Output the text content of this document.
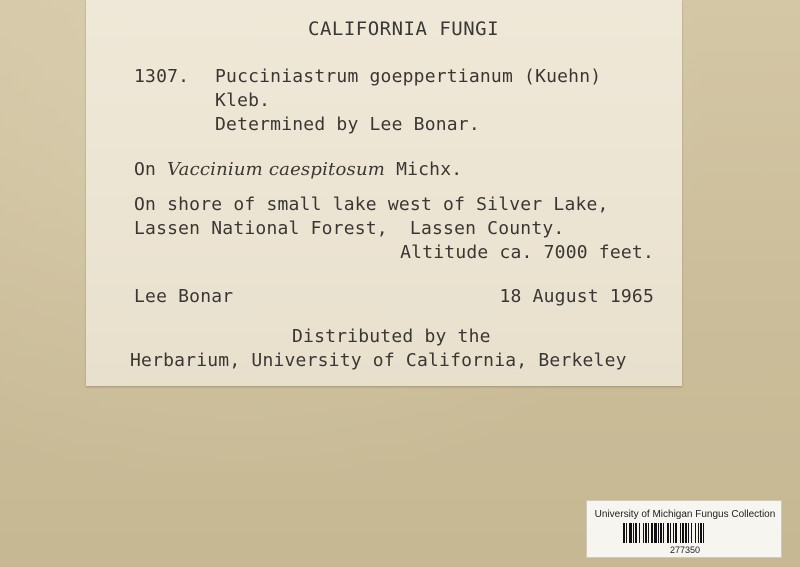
CALIFORNIA FUNGI

1307. Pucciniastrum goeppertianum (Kuehn)

Kleb.

Determined by Lee Bonar.

On Vaccinium caespitosum Michx.

On shore of small lake west of Silver Lake,

Lassen National Forest,  Lassen County.

Altitude ca. 7000 feet.

Lee Bonar	18 August 1965

Distributed by the

Herbarium, University of California, Berkeley

University of Michigan Fungus Collection

277350
